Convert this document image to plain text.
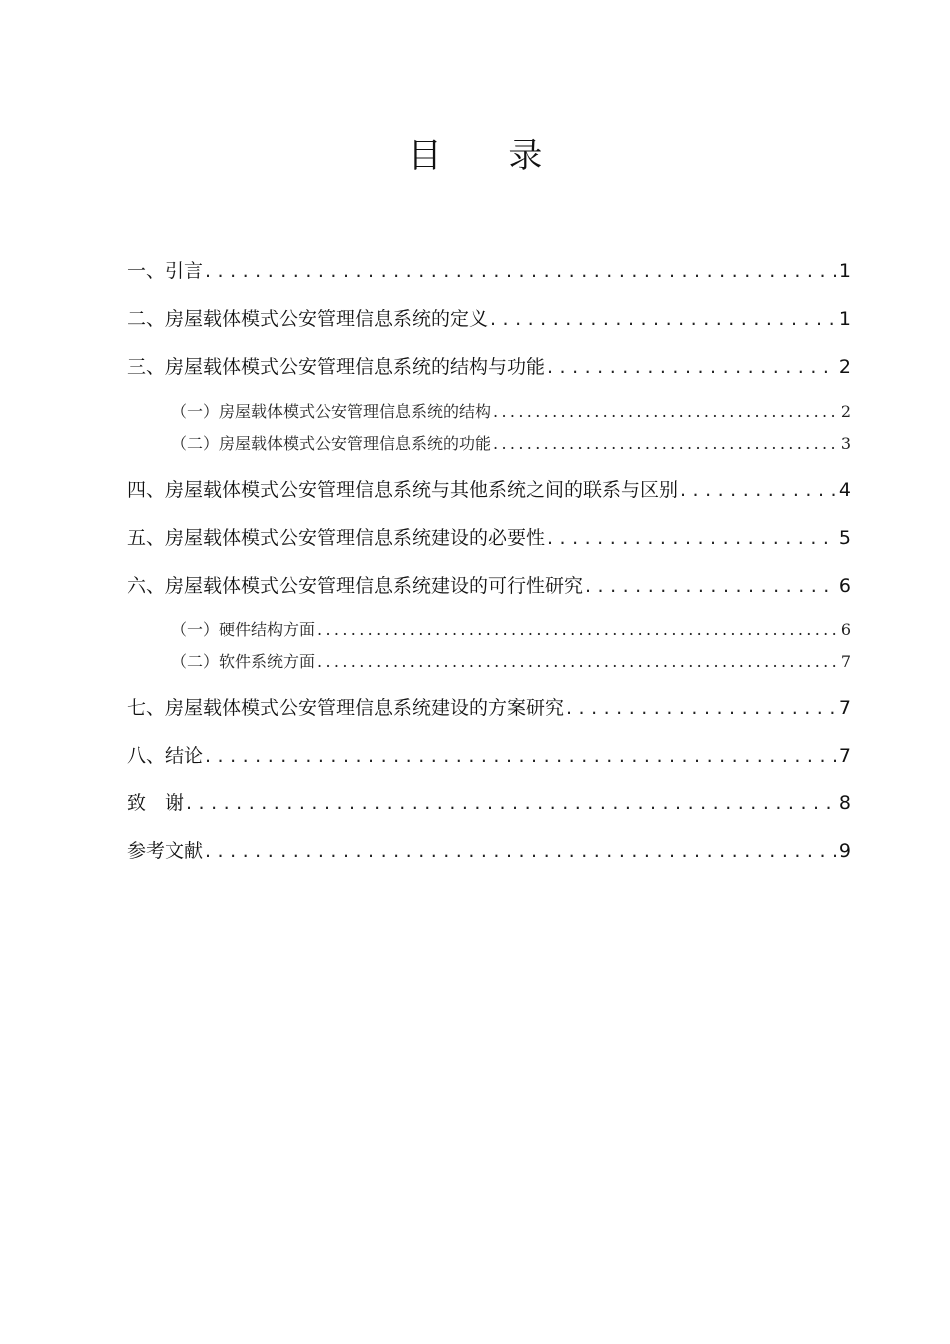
目 录
一、引言 .....	1
二、房屋载体模式公安管理信息系统的定义 .....	1
三、房屋载体模式公安管理信息系统的结构与功能 .....	2
（一）房屋载体模式公安管理信息系统的结构 .....	2
（二）房屋载体模式公安管理信息系统的功能 .....	3
四、房屋载体模式公安管理信息系统与其他系统之间的联系与区别 .....	4
五、房屋载体模式公安管理信息系统建设的必要性 .....	5
六、房屋载体模式公安管理信息系统建设的可行性研究 .....	6
（一）硬件结构方面 .....	6
（二）软件系统方面 .....	7
七、房屋载体模式公安管理信息系统建设的方案研究 .....	7
八、结论 .....	7
致　谢 .....	8
参考文献 .....	9
